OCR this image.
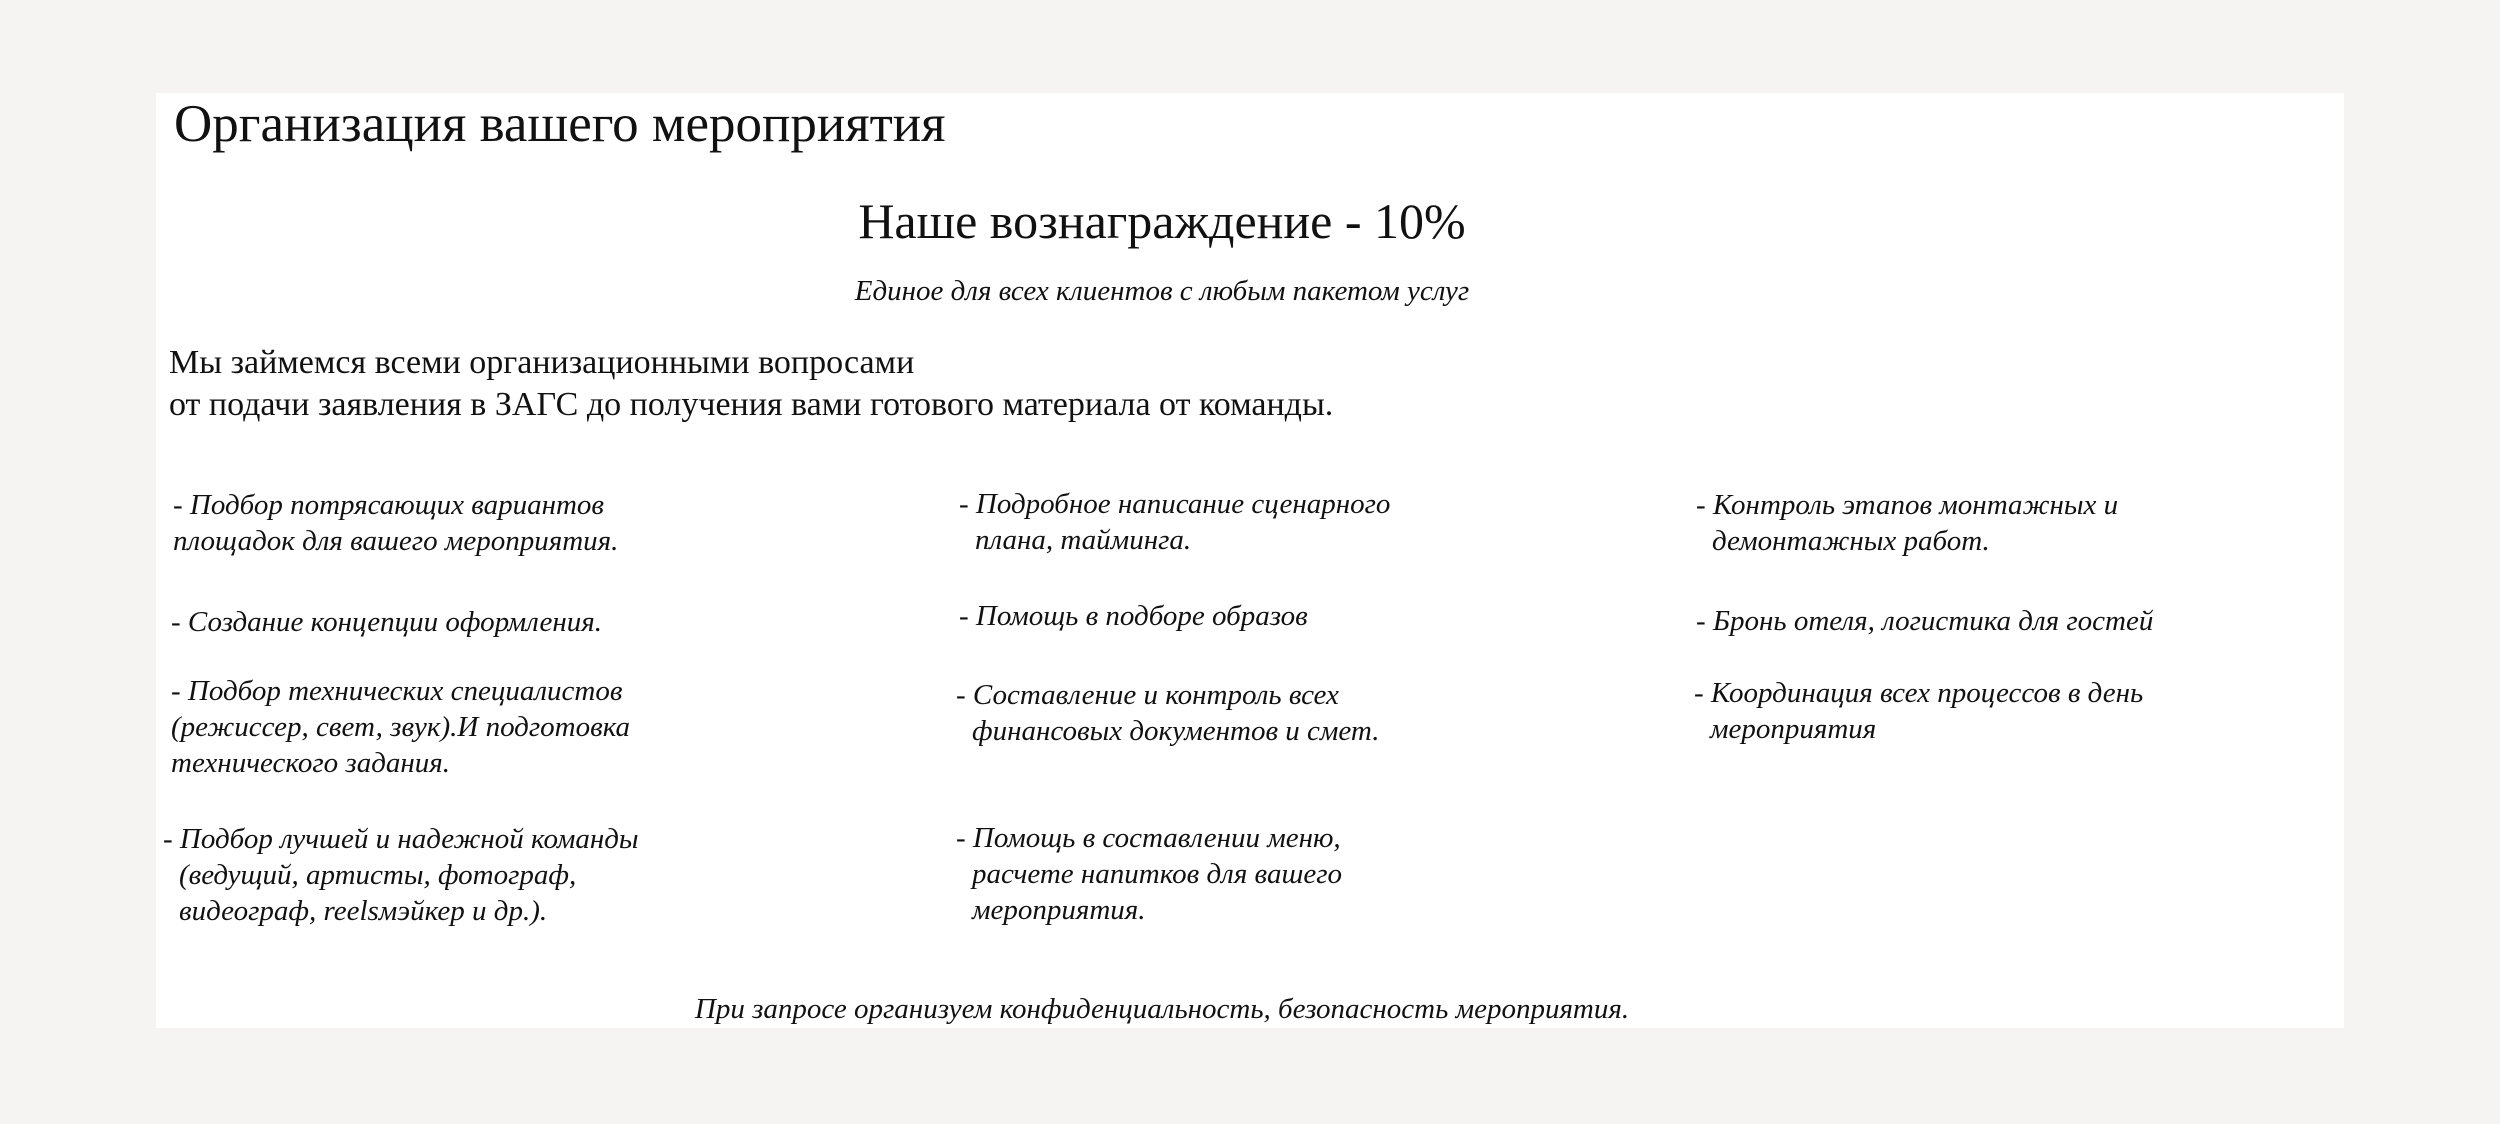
Организация вашего мероприятия
Наше вознаграждение - 10%
Единое для всех клиентов с любым пакетом услуг
Мы займемся всеми организационными вопросами
от подачи заявления в ЗАГС до получения вами готового материала от команды.
- Подбор потрясающих вариантов
площадок для вашего мероприятия.
- Создание концепции оформления.
- Подбор технических специалистов
(режиссер, свет, звук).И подготовка
технического задания.
- Подбор лучшей и надежной команды
(ведущий, артисты, фотограф,
видеограф, reelsмэйкер и др.).
- Подробное написание сценарного
плана, тайминга.
- Помощь в подборе образов
- Составление и контроль всех
финансовых документов и смет.
- Помощь в составлении меню,
расчете напитков для вашего
мероприятия.
- Контроль этапов монтажных и
демонтажных работ.
- Бронь отеля, логистика для гостей
- Координация всех процессов в день
мероприятия
При запросе организуем конфиденциальность, безопасность мероприятия.
